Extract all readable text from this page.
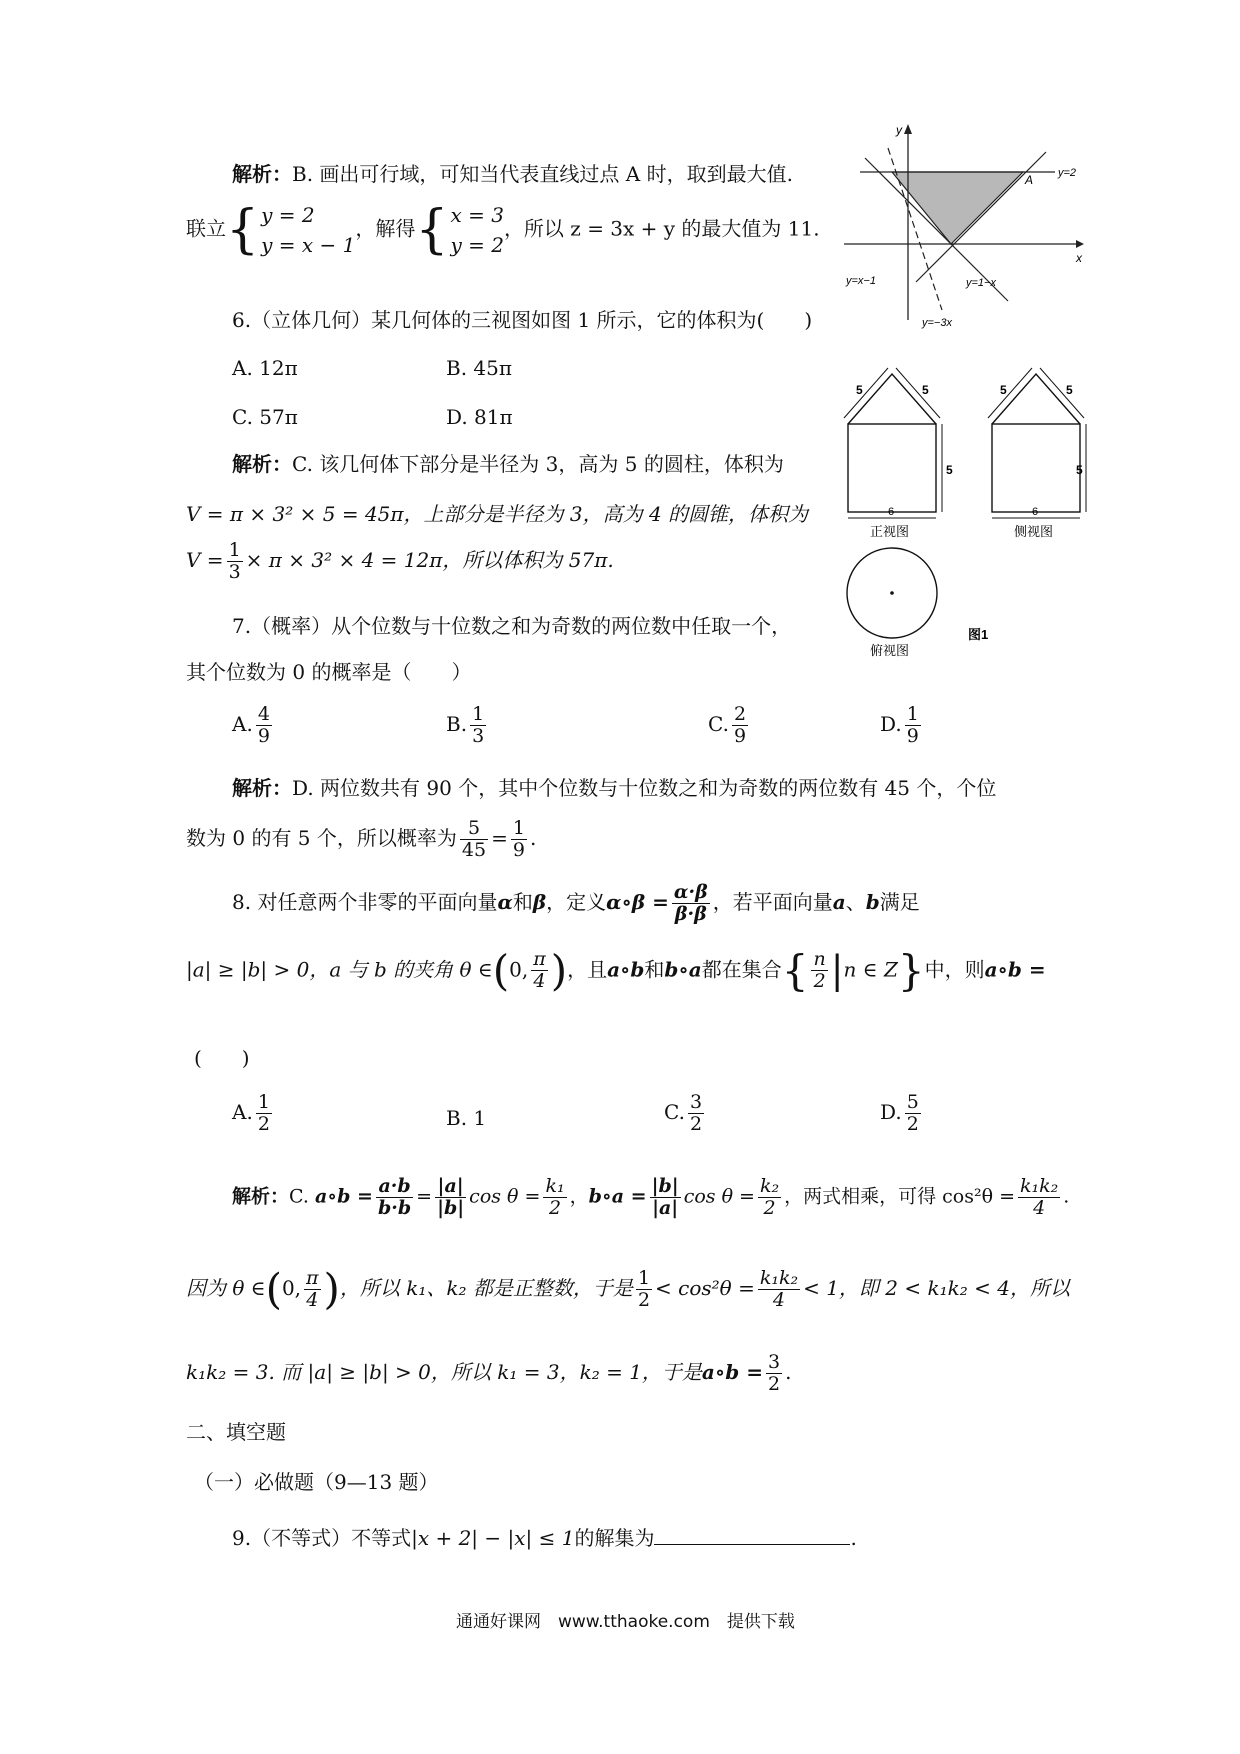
解析：B. 画出可行域，可知当代表直线过点 A 时，取到最大值.
联立{ y = 2
y = x − 1
，解得{ x = 3
y = 2
，所以 z = 3x + y 的最大值为 11.
y
x
A y=2
y=x−1	y=1−x
y=−3x
6.（立体几何）某几何体的三视图如图 1 所示，它的体积为(　　)
A. 12π	B. 45π
C. 57π	D. 81π
解析：C. 该几何体下部分是半径为 3，高为 5 的圆柱，体积为
V = π × 3² × 5 = 45π，上部分是半径为 3，高为 4 的圆锥，体积为
$V = \frac{1}{3} \times \pi \times 3^2 \times 4 = 12\pi$，所以体积为 57π.
5	5
5
6
正视图
5	5
5
6
侧视图
俯视图
图1
7.（概率）从个位数与十位数之和为奇数的两位数中任取一个，
其个位数为 0 的概率是（　　）
A. $\frac{4}{9}$	B. $\frac{1}{3}$	C. $\frac{2}{9}$	D. $\frac{1}{9}$
解析：D. 两位数共有 90 个，其中个位数与十位数之和为奇数的两位数有 45 个，个位
数为 0 的有 5 个，所以概率为 $\frac{5}{45} = \frac{1}{9}$ .
8. 对任意两个非零的平面向量α和β，定义α∘β = $\frac{\alpha\cdot\beta}{\beta\cdot\beta}$ ，若平面向量a、b满足
|a| ≥ |b| > 0，a 与 b 的夹角 θ ∈(0, $\frac{\pi}{4}$ )，且a∘b和b∘a都在集合{ $\frac{n}{2} |n$ ∈ Z}中，则a∘b =
(　　)
A. $\frac{1}{2}$	B. 1	C. $\frac{3}{2}$	D. $\frac{5}{2}$
解析：C. a∘b = $\frac{a\cdot b}{b\cdot b} = \frac{|a|}{|b|}$ $\cos \theta = \frac{\text{k₁}}{2}$ ，b∘a = $\frac{|b|}{|a|}$ $\cos \theta = \frac{\text{k₂}}{2}$ ，两式相乘，可得 $\cos^2\theta = \frac{\text{k₁k₂}}{4}$ .
因为 θ ∈(0, $\frac{\pi}{4}$ )，所以 k₁、k₂ 都是正整数，于是 $\frac{1}{2} < \cos^2\theta = \frac{\text{k₁k₂}}{4} < 1$，即 2 < k₁k₂ < 4，所以
k₁k₂ = 3. 而 |a| ≥ |b| > 0，所以 k₁ = 3，k₂ = 1，于是a∘b = $\frac{3}{2}$ .
二、填空题
（一）必做题（9—13 题）
9.（不等式）不等式|x + 2| − |x| ≤ 1的解集为	.
通通好课网　www.tthaoke.com　提供下载
